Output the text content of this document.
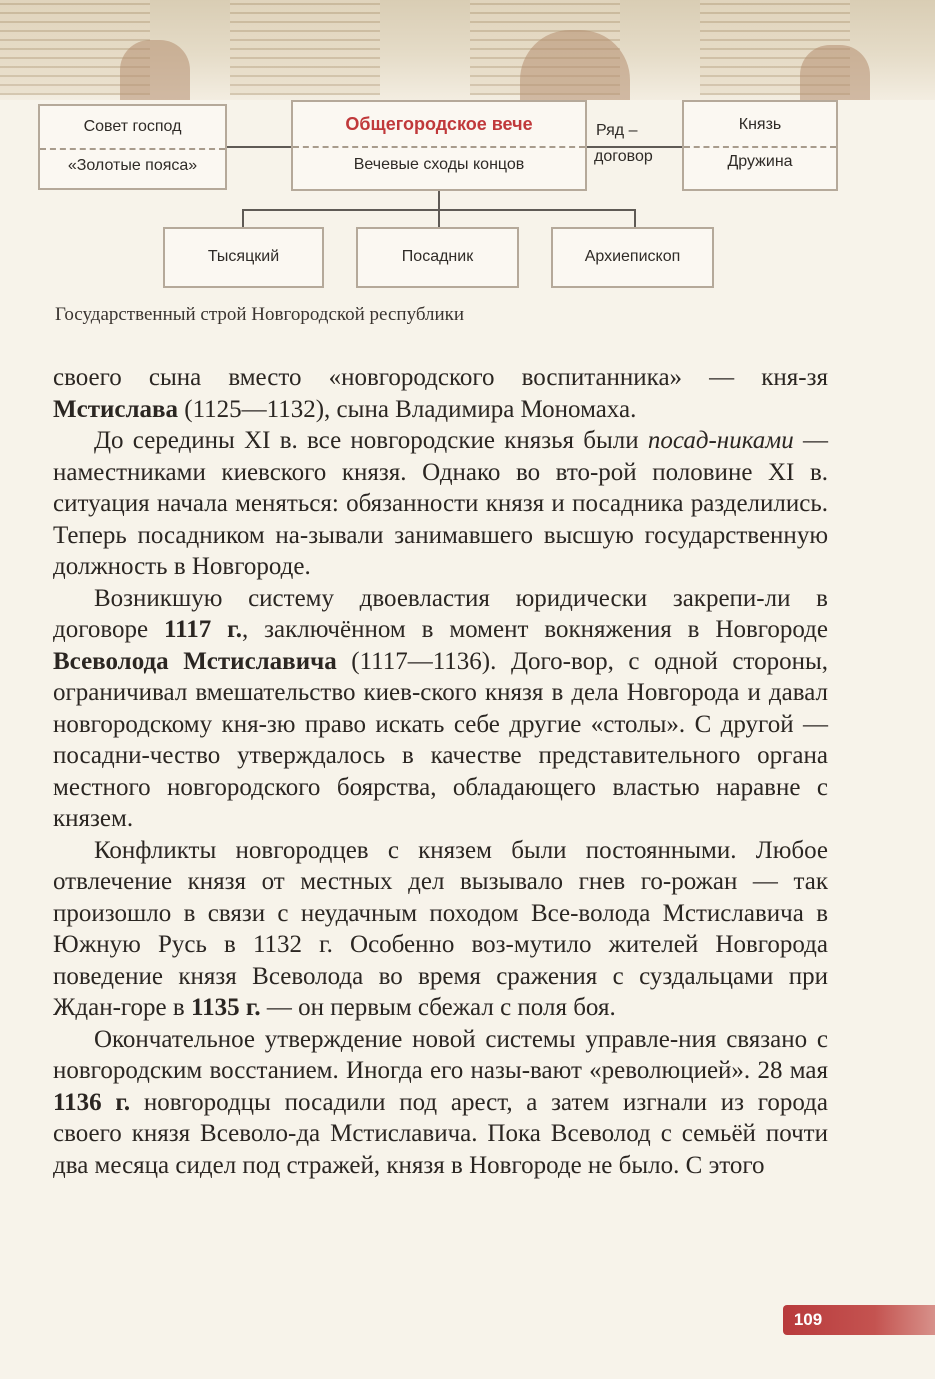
Совет господ
«Золотые пояса»
Общегородское вече
Вечевые сходы концов
Ряд –
договор
Князь
Дружина
Тысяцкий	Посадник	Архиепископ
Государственный строй Новгородской республики

своего сына вместо «новгородского воспитанника» — кня-зя Мстислава (1125—1132), сына Владимира Мономаха.

До середины XI в. все новгородские князья были посад-никами — наместниками киевского князя. Однако во вто-рой половине XI в. ситуация начала меняться: обязанности князя и посадника разделились. Теперь посадником на-зывали занимавшего высшую государственную должность в Новгороде.

Возникшую систему двоевластия юридически закрепи-ли в договоре 1117 г., заключённом в момент вокняжения в Новгороде Всеволода Мстиславича (1117—1136). Дого-вор, с одной стороны, ограничивал вмешательство киев-ского князя в дела Новгорода и давал новгородскому кня-зю право искать себе другие «столы». С другой — посадни-чество утверждалось в качестве представительного органа местного новгородского боярства, обладающего властью наравне с князем.

Конфликты новгородцев с князем были постоянными. Любое отвлечение князя от местных дел вызывало гнев го-рожан — так произошло в связи с неудачным походом Все-волода Мстиславича в Южную Русь в 1132 г. Особенно воз-мутило жителей Новгорода поведение князя Всеволода во время сражения с суздальцами при Ждан-горе в 1135 г. — он первым сбежал с поля боя.

Окончательное утверждение новой системы управле-ния связано с новгородским восстанием. Иногда его назы-вают «революцией». 28 мая 1136 г. новгородцы посадили под арест, а затем изгнали из города своего князя Всеволо-да Мстиславича. Пока Всеволод с семьёй почти два месяца сидел под стражей, князя в Новгороде не было. С этого

109
